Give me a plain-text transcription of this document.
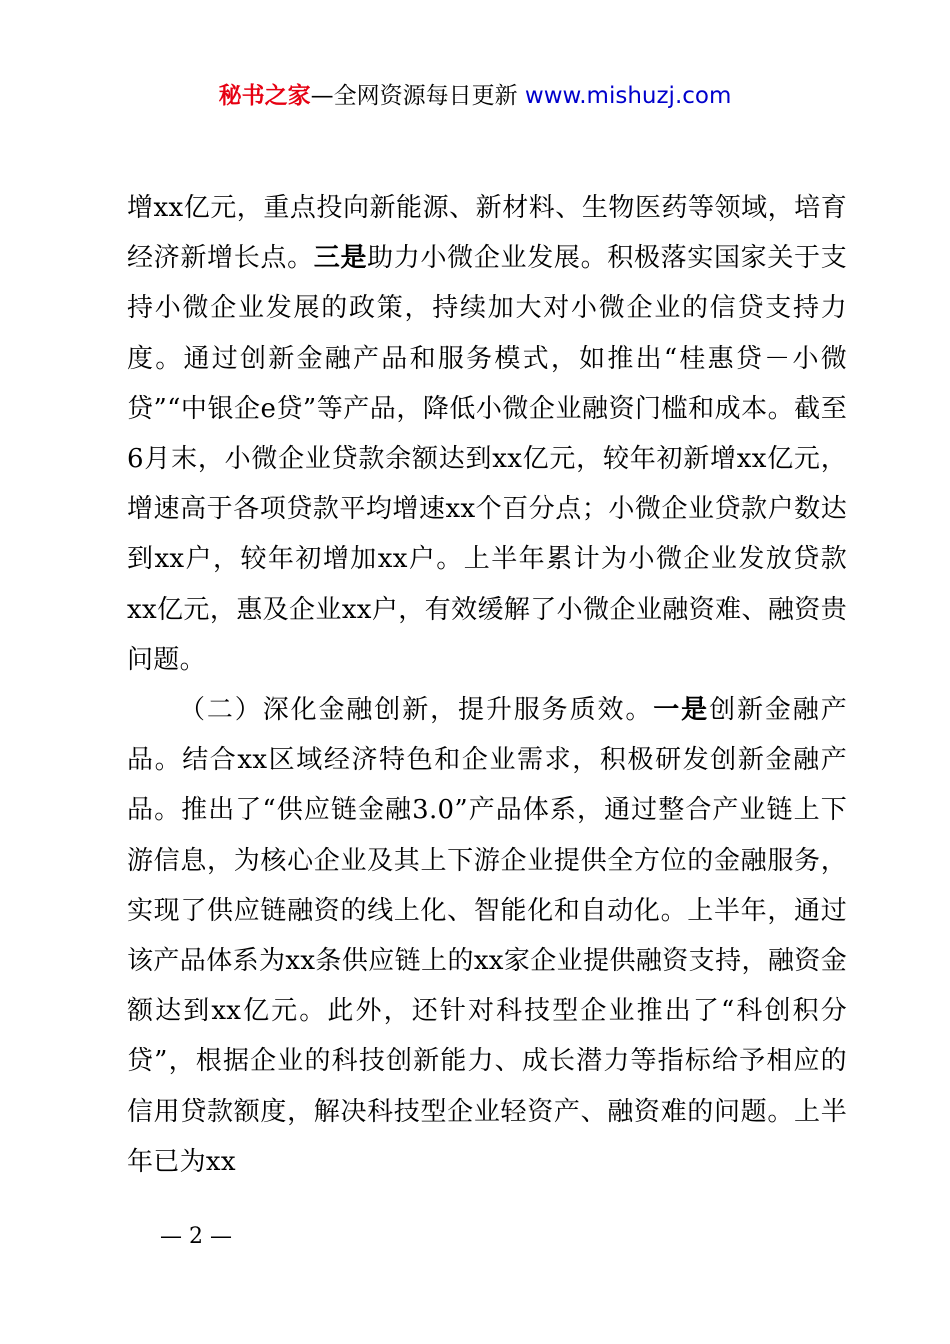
秘书之家—全网资源每日更新 www.mishuzj.com

增xx亿元，重点投向新能源、新材料、生物医药等领域，培育经济新增长点。三是助力小微企业发展。积极落实国家关于支持小微企业发展的政策，持续加大对小微企业的信贷支持力度。通过创新金融产品和服务模式，如推出“桂惠贷－小微贷”“中银企e贷”等产品，降低小微企业融资门槛和成本。截至6月末，小微企业贷款余额达到xx亿元，较年初新增xx亿元，增速高于各项贷款平均增速xx个百分点；小微企业贷款户数达到xx户，较年初增加xx户。上半年累计为小微企业发放贷款xx亿元，惠及企业xx户，有效缓解了小微企业融资难、融资贵问题。

（二）深化金融创新，提升服务质效。一是创新金融产品。结合xx区域经济特色和企业需求，积极研发创新金融产品。推出了“供应链金融3.0”产品体系，通过整合产业链上下游信息，为核心企业及其上下游企业提供全方位的金融服务，实现了供应链融资的线上化、智能化和自动化。上半年，通过该产品体系为xx条供应链上的xx家企业提供融资支持，融资金额达到xx亿元。此外，还针对科技型企业推出了“科创积分贷”，根据企业的科技创新能力、成长潜力等指标给予相应的信用贷款额度，解决科技型企业轻资产、融资难的问题。上半年已为xx

— 2 —
